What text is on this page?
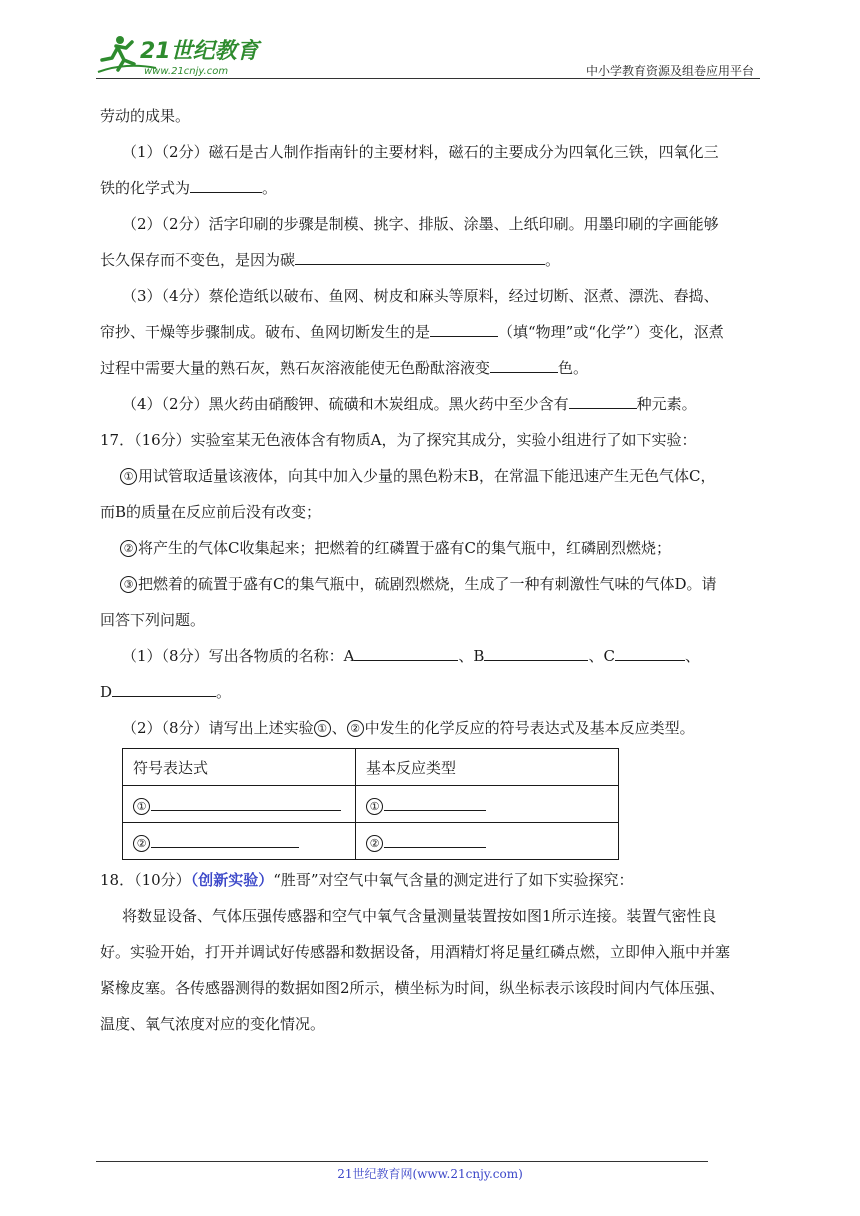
21世纪教育
www.21cnjy.com	中小学教育资源及组卷应用平台

劳动的成果。

（1）（2分）磁石是古人制作指南针的主要材料，磁石的主要成分为四氧化三铁，四氧化三

铁的化学式为	。

（2）（2分）活字印刷的步骤是制模、挑字、排版、涂墨、上纸印刷。用墨印刷的字画能够

长久保存而不变色，是因为碳	。

（3）（4分）蔡伦造纸以破布、鱼网、树皮和麻头等原料，经过切断、沤煮、漂洗、舂捣、

帘抄、干燥等步骤制成。破布、鱼网切断发生的是	（填“物理”或“化学”）变化，沤煮

过程中需要大量的熟石灰，熟石灰溶液能使无色酚酞溶液变	色。

（4）（2分）黑火药由硝酸钾、硫磺和木炭组成。黑火药中至少含有	种元素。

17．（16分）实验室某无色液体含有物质A，为了探究其成分，实验小组进行了如下实验：

① 用试管取适量该液体，向其中加入少量的黑色粉末B，在常温下能迅速产生无色气体C，

而B的质量在反应前后没有改变；

② 将产生的气体C收集起来；把燃着的红磷置于盛有C的集气瓶中，红磷剧烈燃烧；

③ 把燃着的硫置于盛有C的集气瓶中，硫剧烈燃烧，生成了一种有刺激性气味的气体D。请

回答下列问题。

（1）（8分）写出各物质的名称：A	、B	、C	、

D	。

（2）（8分）请写出上述实验 ① 、 ② 中发生的化学反应的符号表达式及基本反应类型。

符号表达式	基本反应类型
①	①
②	②

18．（10分）（创新实验）“胜哥”对空气中氧气含量的测定进行了如下实验探究：

将数显设备、气体压强传感器和空气中氧气含量测量装置按如图1所示连接。装置气密性良

好。实验开始，打开并调试好传感器和数据设备，用酒精灯将足量红磷点燃，立即伸入瓶中并塞

紧橡皮塞。各传感器测得的数据如图2所示，横坐标为时间，纵坐标表示该段时间内气体压强、

温度、氧气浓度对应的变化情况。

21世纪教育网(www.21cnjy.com)
